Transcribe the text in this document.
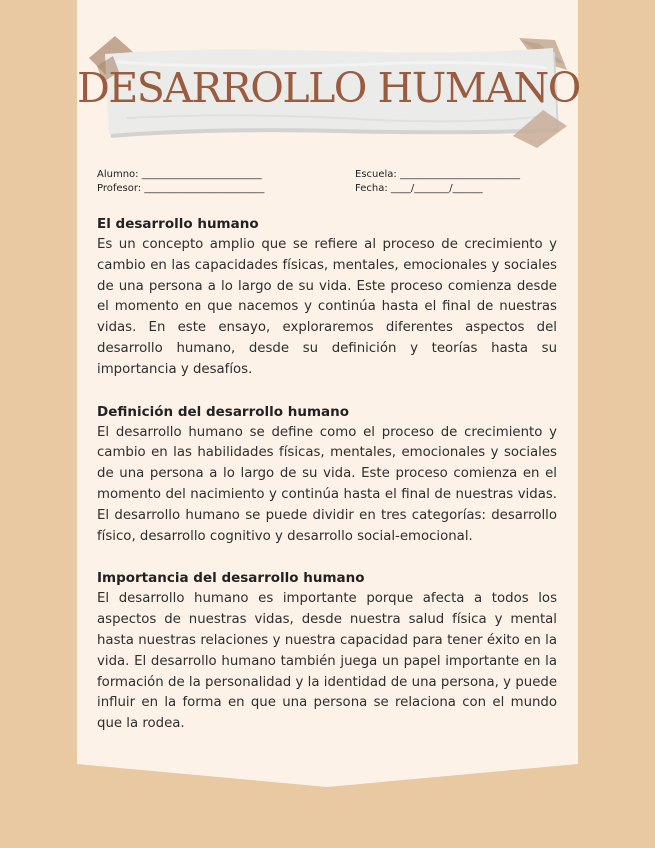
DESARROLLO HUMANO
Alumno: ________________________	Escuela: ________________________
Profesor: ________________________	Fecha: ____/_______/______
El desarrollo humano

Es un concepto amplio que se refiere al proceso de crecimiento y cambio en las capacidades físicas, mentales, emocionales y sociales de una persona a lo largo de su vida. Este proceso comienza desde el momento en que nacemos y continúa hasta el final de nuestras vidas. En este ensayo, exploraremos diferentes aspectos del desarrollo humano, desde su definición y teorías hasta su importancia y desafíos.

Definición del desarrollo humano

El desarrollo humano se define como el proceso de crecimiento y cambio en las habilidades físicas, mentales, emocionales y sociales de una persona a lo largo de su vida. Este proceso comienza en el momento del nacimiento y continúa hasta el final de nuestras vidas. El desarrollo humano se puede dividir en tres categorías: desarrollo físico, desarrollo cognitivo y desarrollo social-emocional.

Importancia del desarrollo humano

El desarrollo humano es importante porque afecta a todos los aspectos de nuestras vidas, desde nuestra salud física y mental hasta nuestras relaciones y nuestra capacidad para tener éxito en la vida. El desarrollo humano también juega un papel importante en la formación de la personalidad y la identidad de una persona, y puede influir en la forma en que una persona se relaciona con el mundo que la rodea.
